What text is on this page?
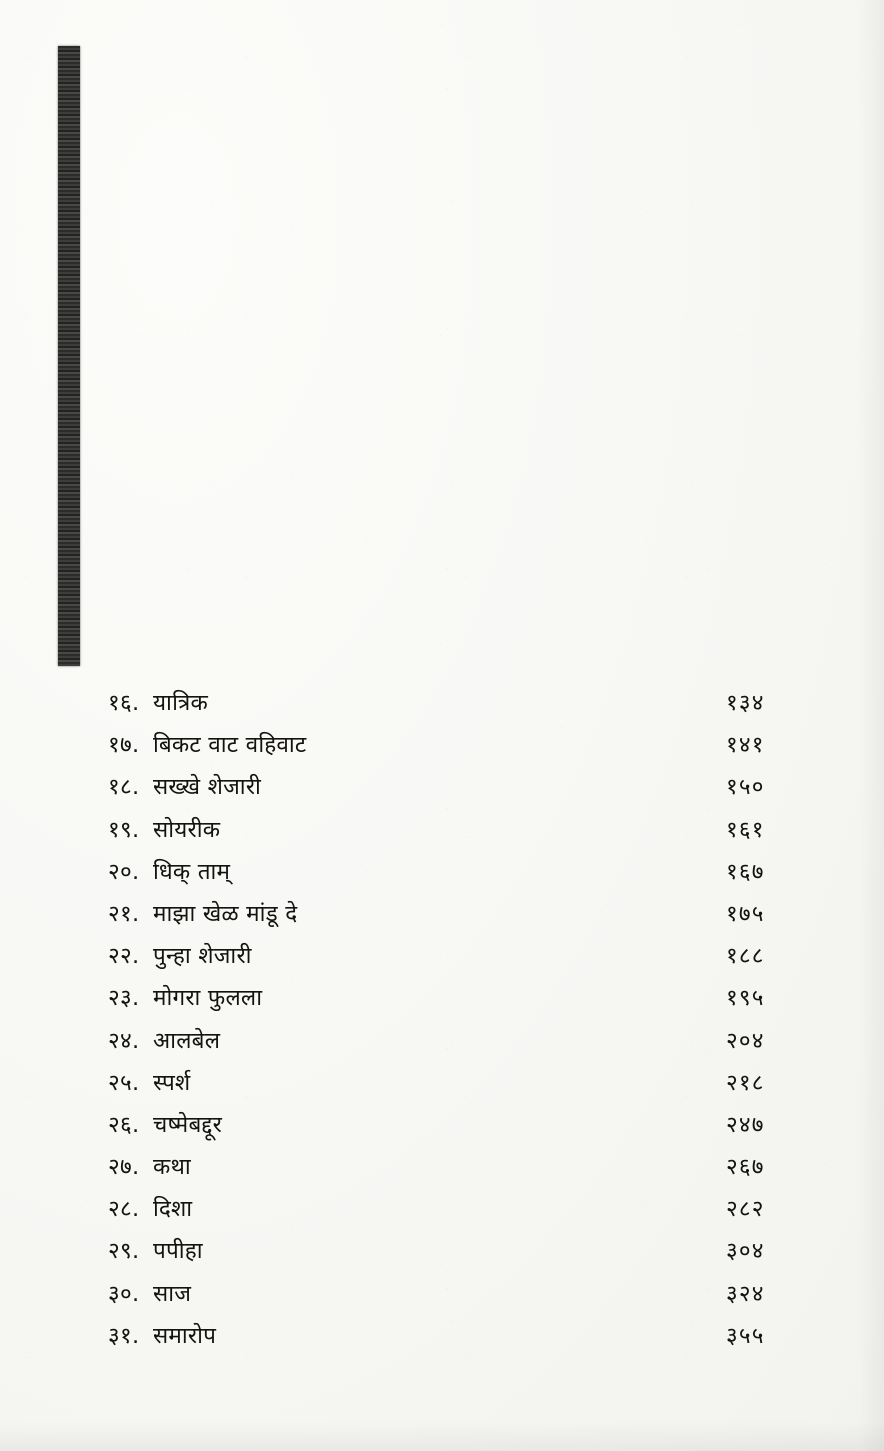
१६. यात्रिक	१३४
१७. बिकट वाट वहिवाट	१४१
१८. सख्खे शेजारी	१५०
१९. सोयरीक	१६१
२०. धिक् ताम्	१६७
२१. माझा खेळ मांडू दे	१७५
२२. पुन्हा शेजारी	१८८
२३. मोगरा फुलला	१९५
२४. आलबेल	२०४
२५. स्पर्श	२१८
२६. चष्मेबद्दूर	२४७
२७. कथा	२६७
२८. दिशा	२८२
२९. पपीहा	३०४
३०. साज	३२४
३१. समारोप	३५५
